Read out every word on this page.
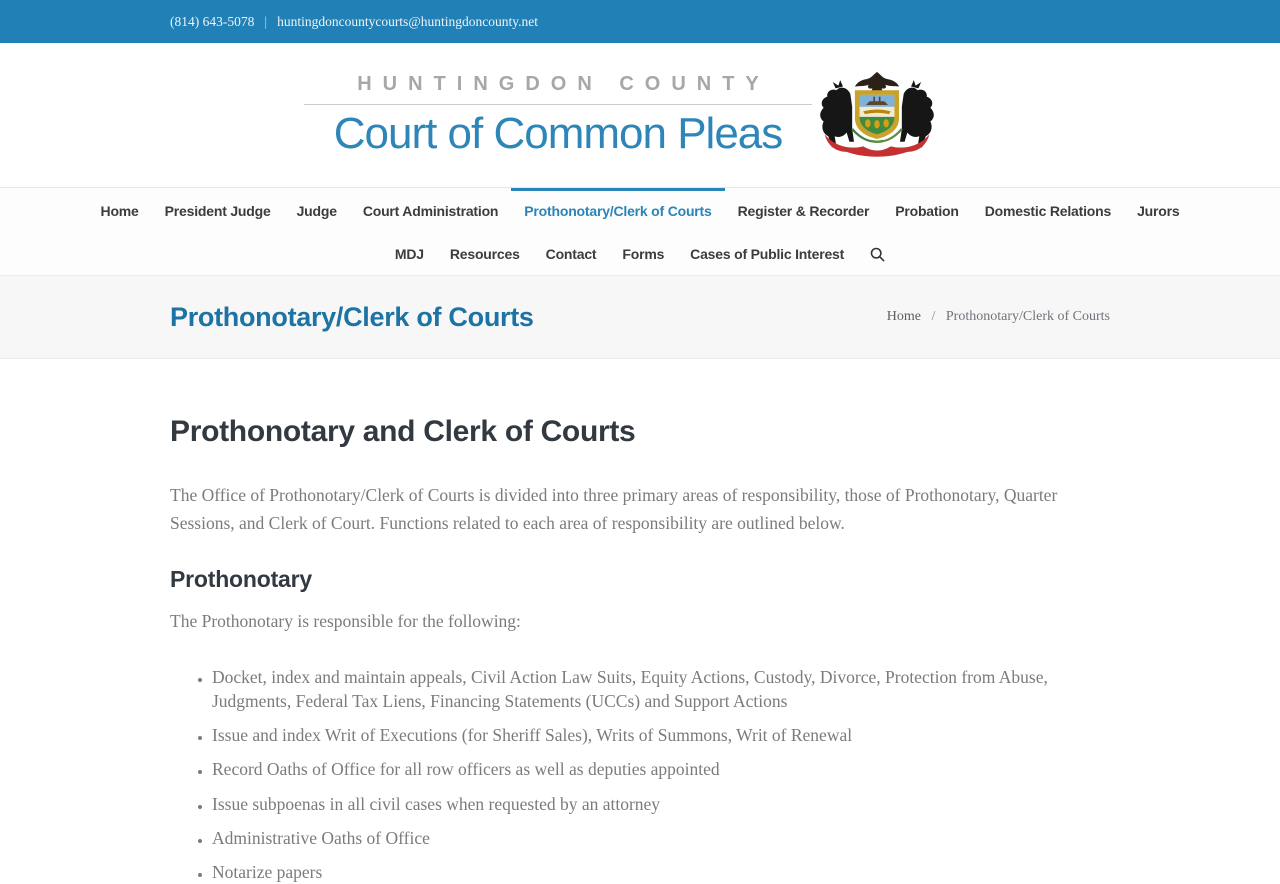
(814) 643-5078 | huntingdoncountycourts@huntingdoncounty.net
HUNTINGDON COUNTY
Court of Common Pleas
Home President Judge Judge Court Administration Prothonotary/Clerk of Courts Register & Recorder Probation Domestic Relations Jurors
MDJ Resources Contact Forms Cases of Public Interest
Prothonotary/Clerk of Courts	Home / Prothonotary/Clerk of Courts
Prothonotary and Clerk of Courts

The Office of Prothonotary/Clerk of Courts is divided into three primary areas of responsibility, those of Prothonotary, Quarter Sessions, and Clerk of Court. Functions related to each area of responsibility are outlined below.

Prothonotary

The Prothonotary is responsible for the following:

• Docket, index and maintain appeals, Civil Action Law Suits, Equity Actions, Custody, Divorce, Protection from Abuse, Judgments, Federal Tax Liens, Financing Statements (UCCs) and Support Actions
• Issue and index Writ of Executions (for Sheriff Sales), Writs of Summons, Writ of Renewal
• Record Oaths of Office for all row officers as well as deputies appointed
• Issue subpoenas in all civil cases when requested by an attorney
• Administrative Oaths of Office
• Notarize papers
